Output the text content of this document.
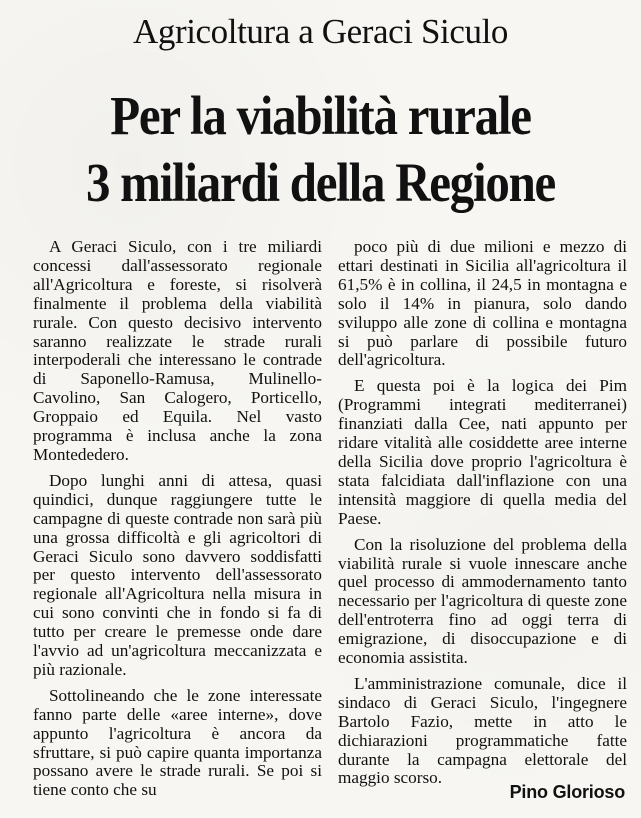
Agricoltura a Geraci Siculo
Per la viabilità rurale
3 miliardi della Regione

A Geraci Siculo, con i tre miliardi concessi dall'assessorato regionale all'Agricoltura e foreste, si risolverà finalmente il problema della viabilità rurale. Con questo decisivo intervento saranno realizzate le strade rurali interpoderali che interessano le contrade di Saponello-Ramusa, Mulinello-Cavolino, San Calogero, Porticello, Groppaio ed Equila. Nel vasto programma è inclusa anche la zona Montededero.

Dopo lunghi anni di attesa, quasi quindici, dunque raggiungere tutte le campagne di queste contrade non sarà più una grossa difficoltà e gli agricoltori di Geraci Siculo sono davvero soddisfatti per questo intervento dell'assessorato regionale all'Agricoltura nella misura in cui sono convinti che in fondo si fa di tutto per creare le premesse onde dare l'avvio ad un'agricoltura meccanizzata e più razionale.

Sottolineando che le zone interessate fanno parte delle «aree interne», dove appunto l'agricoltura è ancora da sfruttare, si può capire quanta importanza possano avere le strade rurali. Se poi si tiene conto che su

poco più di due milioni e mezzo di ettari destinati in Sicilia all'agricoltura il 61,5% è in collina, il 24,5 in montagna e solo il 14% in pianura, solo dando sviluppo alle zone di collina e montagna si può parlare di possibile futuro dell'agricoltura.

E questa poi è la logica dei Pim (Programmi integrati mediterranei) finanziati dalla Cee, nati appunto per ridare vitalità alle cosiddette aree interne della Sicilia dove proprio l'agricoltura è stata falcidiata dall'inflazione con una intensità maggiore di quella media del Paese.

Con la risoluzione del problema della viabilità rurale si vuole innescare anche quel processo di ammodernamento tanto necessario per l'agricoltura di queste zone dell'entroterra fino ad oggi terra di emigrazione, di disoccupazione e di economia assistita.

L'amministrazione comunale, dice il sindaco di Geraci Siculo, l'ingegnere Bartolo Fazio, mette in atto le dichiarazioni programmatiche fatte durante la campagna elettorale del maggio scorso.

Pino Glorioso
